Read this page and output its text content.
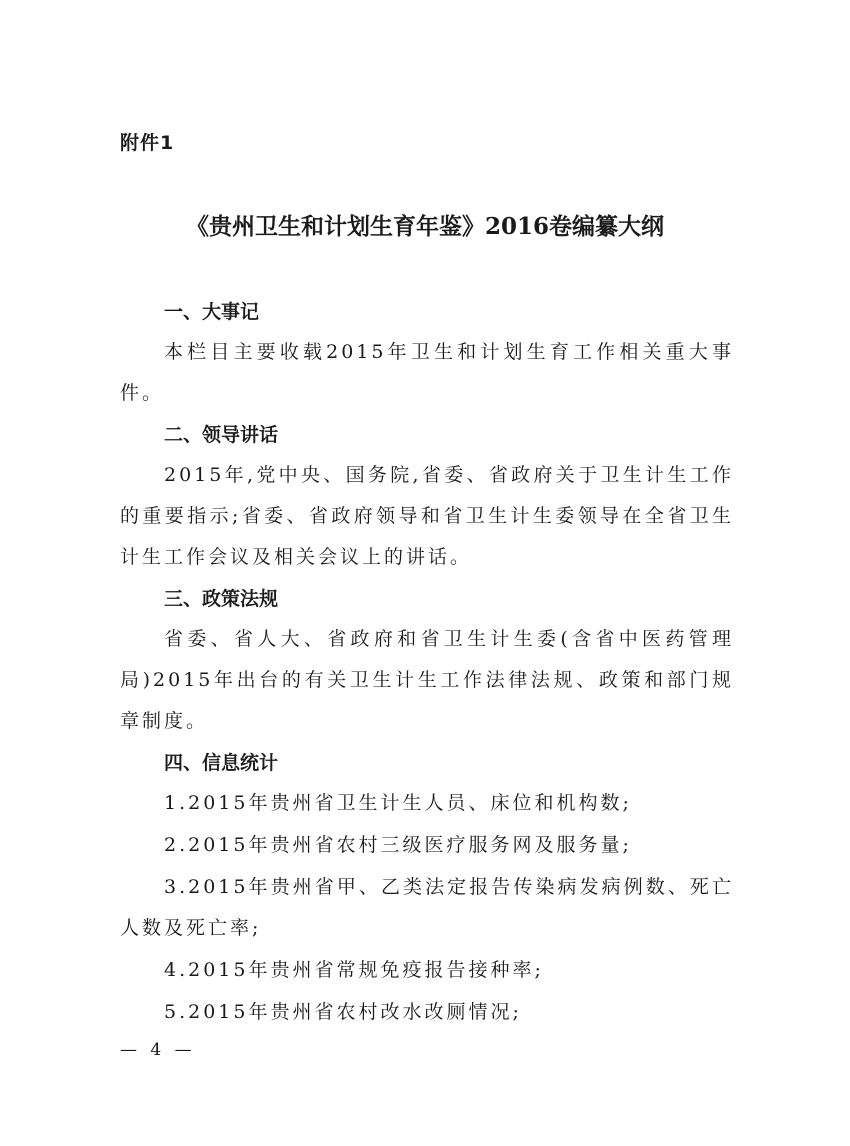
附件1
《贵州卫生和计划生育年鉴》2016卷编纂大纲
一、大事记

本栏目主要收载2015年卫生和计划生育工作相关重大事件。

二、领导讲话

2015年,党中央、国务院,省委、省政府关于卫生计生工作的重要指示;省委、省政府领导和省卫生计生委领导在全省卫生计生工作会议及相关会议上的讲话。

三、政策法规

省委、省人大、省政府和省卫生计生委(含省中医药管理局)2015年出台的有关卫生计生工作法律法规、政策和部门规章制度。

四、信息统计

1.2015年贵州省卫生计生人员、床位和机构数;

2.2015年贵州省农村三级医疗服务网及服务量;

3.2015年贵州省甲、乙类法定报告传染病发病例数、死亡人数及死亡率;

4.2015年贵州省常规免疫报告接种率;

5.2015年贵州省农村改水改厕情况;

— 4 —
